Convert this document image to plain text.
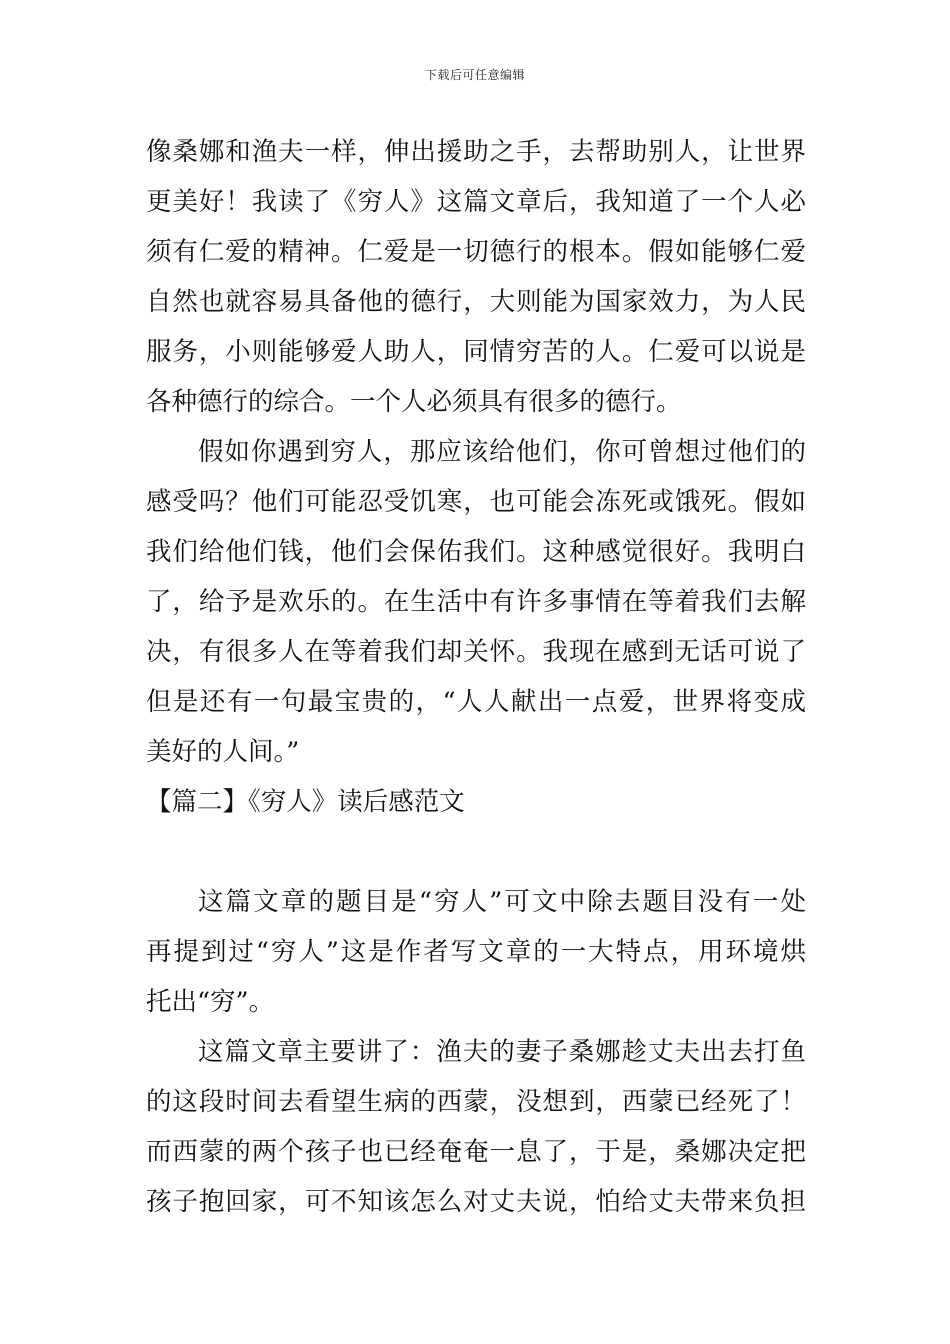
下载后可任意编辑
像桑娜和渔夫一样，伸出援助之手，去帮助别人，让世界
更美好！我读了《穷人》这篇文章后，我知道了一个人必
须有仁爱的精神。仁爱是一切德行的根本。假如能够仁爱
自然也就容易具备他的德行，大则能为国家效力，为人民
服务，小则能够爱人助人，同情穷苦的人。仁爱可以说是
各种德行的综合。一个人必须具有很多的德行。
假如你遇到穷人，那应该给他们，你可曾想过他们的
感受吗？他们可能忍受饥寒，也可能会冻死或饿死。假如
我们给他们钱，他们会保佑我们。这种感觉很好。我明白
了，给予是欢乐的。在生活中有许多事情在等着我们去解
决，有很多人在等着我们却关怀。我现在感到无话可说了
但是还有一句最宝贵的，“人人献出一点爱，世界将变成
美好的人间。”
【篇二】《穷人》读后感范文
这篇文章的题目是“穷人”可文中除去题目没有一处
再提到过“穷人”这是作者写文章的一大特点，用环境烘
托出“穷”。
这篇文章主要讲了：渔夫的妻子桑娜趁丈夫出去打鱼
的这段时间去看望生病的西蒙，没想到，西蒙已经死了！
而西蒙的两个孩子也已经奄奄一息了，于是，桑娜决定把
孩子抱回家，可不知该怎么对丈夫说，怕给丈夫带来负担
